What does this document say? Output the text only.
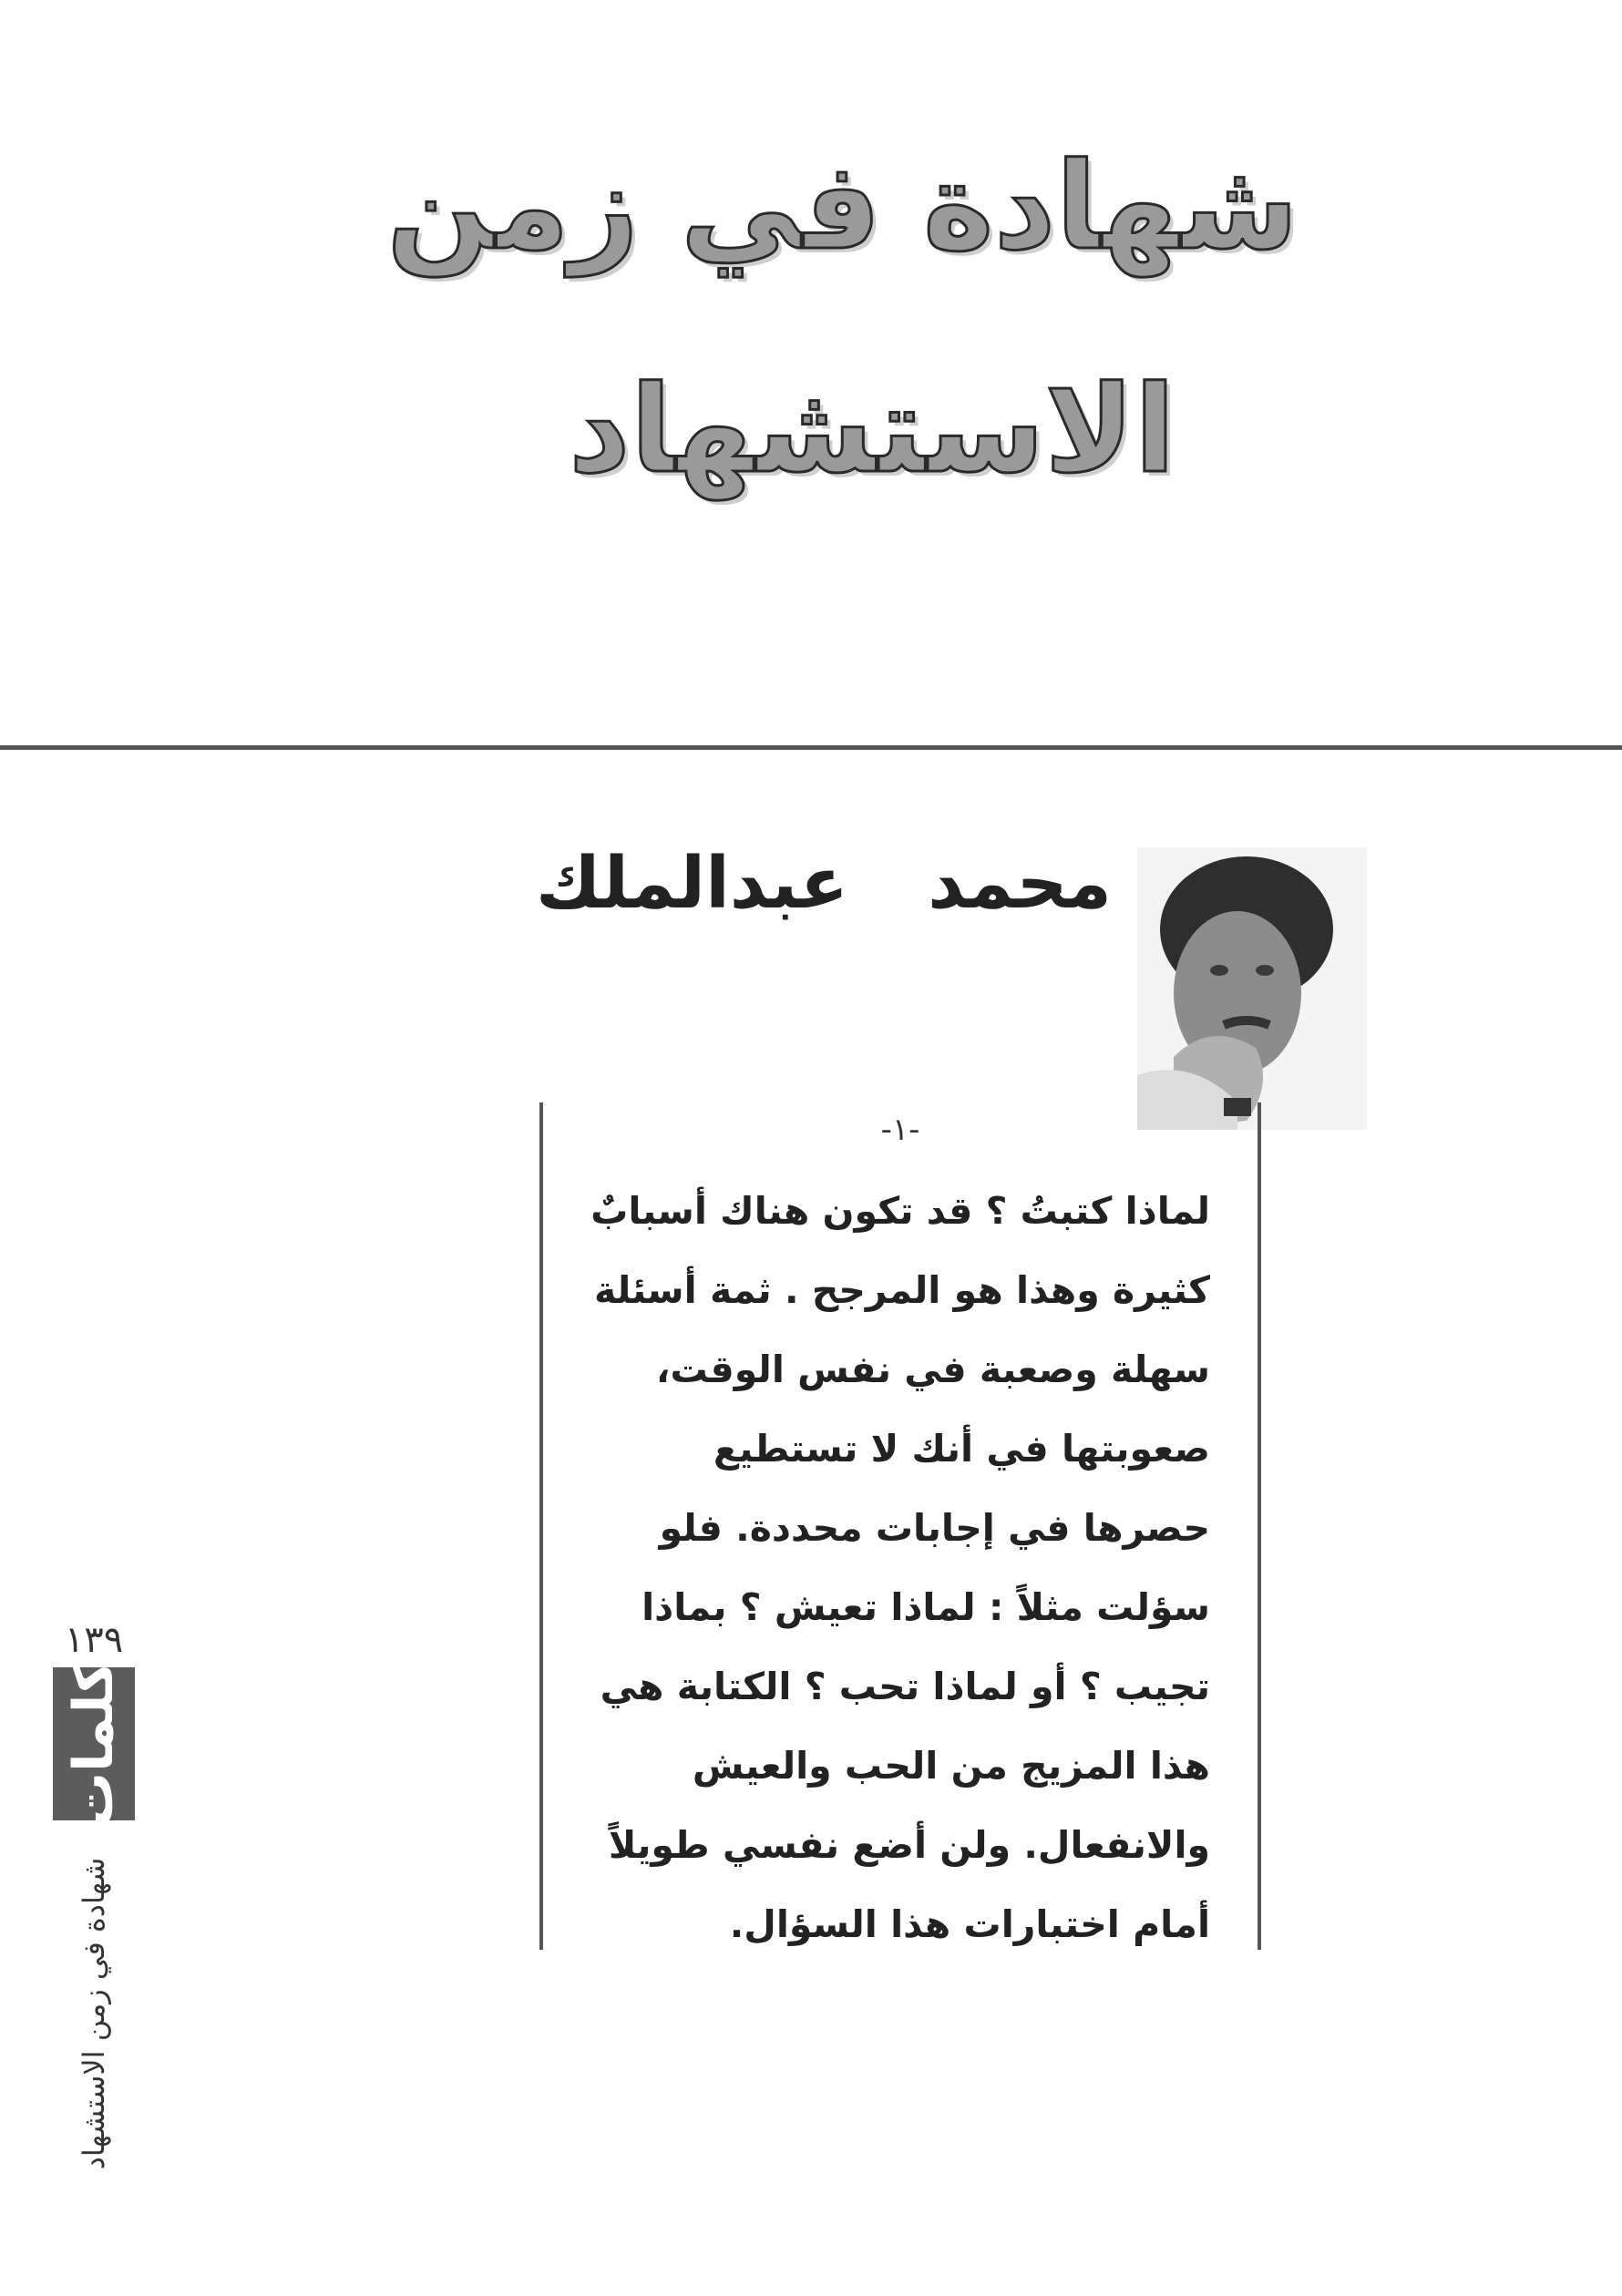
شهادة في زمن
الاستشهاد
محمد عبدالملك
-١-
لماذا كتبتُ ؟ قد تكون هناك أسبابٌ
كثيرة وهذا هو المرجح . ثمة أسئلة
سهلة وصعبة في نفس الوقت،
صعوبتها في أنك لا تستطيع
حصرها في إجابات محددة. فلو
سؤلت مثلاً : لماذا تعيش ؟ بماذا
تجيب ؟ أو لماذا تحب ؟ الكتابة هي
هذا المزيج من الحب والعيش
والانفعال. ولن أضع نفسي طويلاً
أمام اختبارات هذا السؤال.
١٣٩
كلمات
شهادة في زمن الاستشهاد
